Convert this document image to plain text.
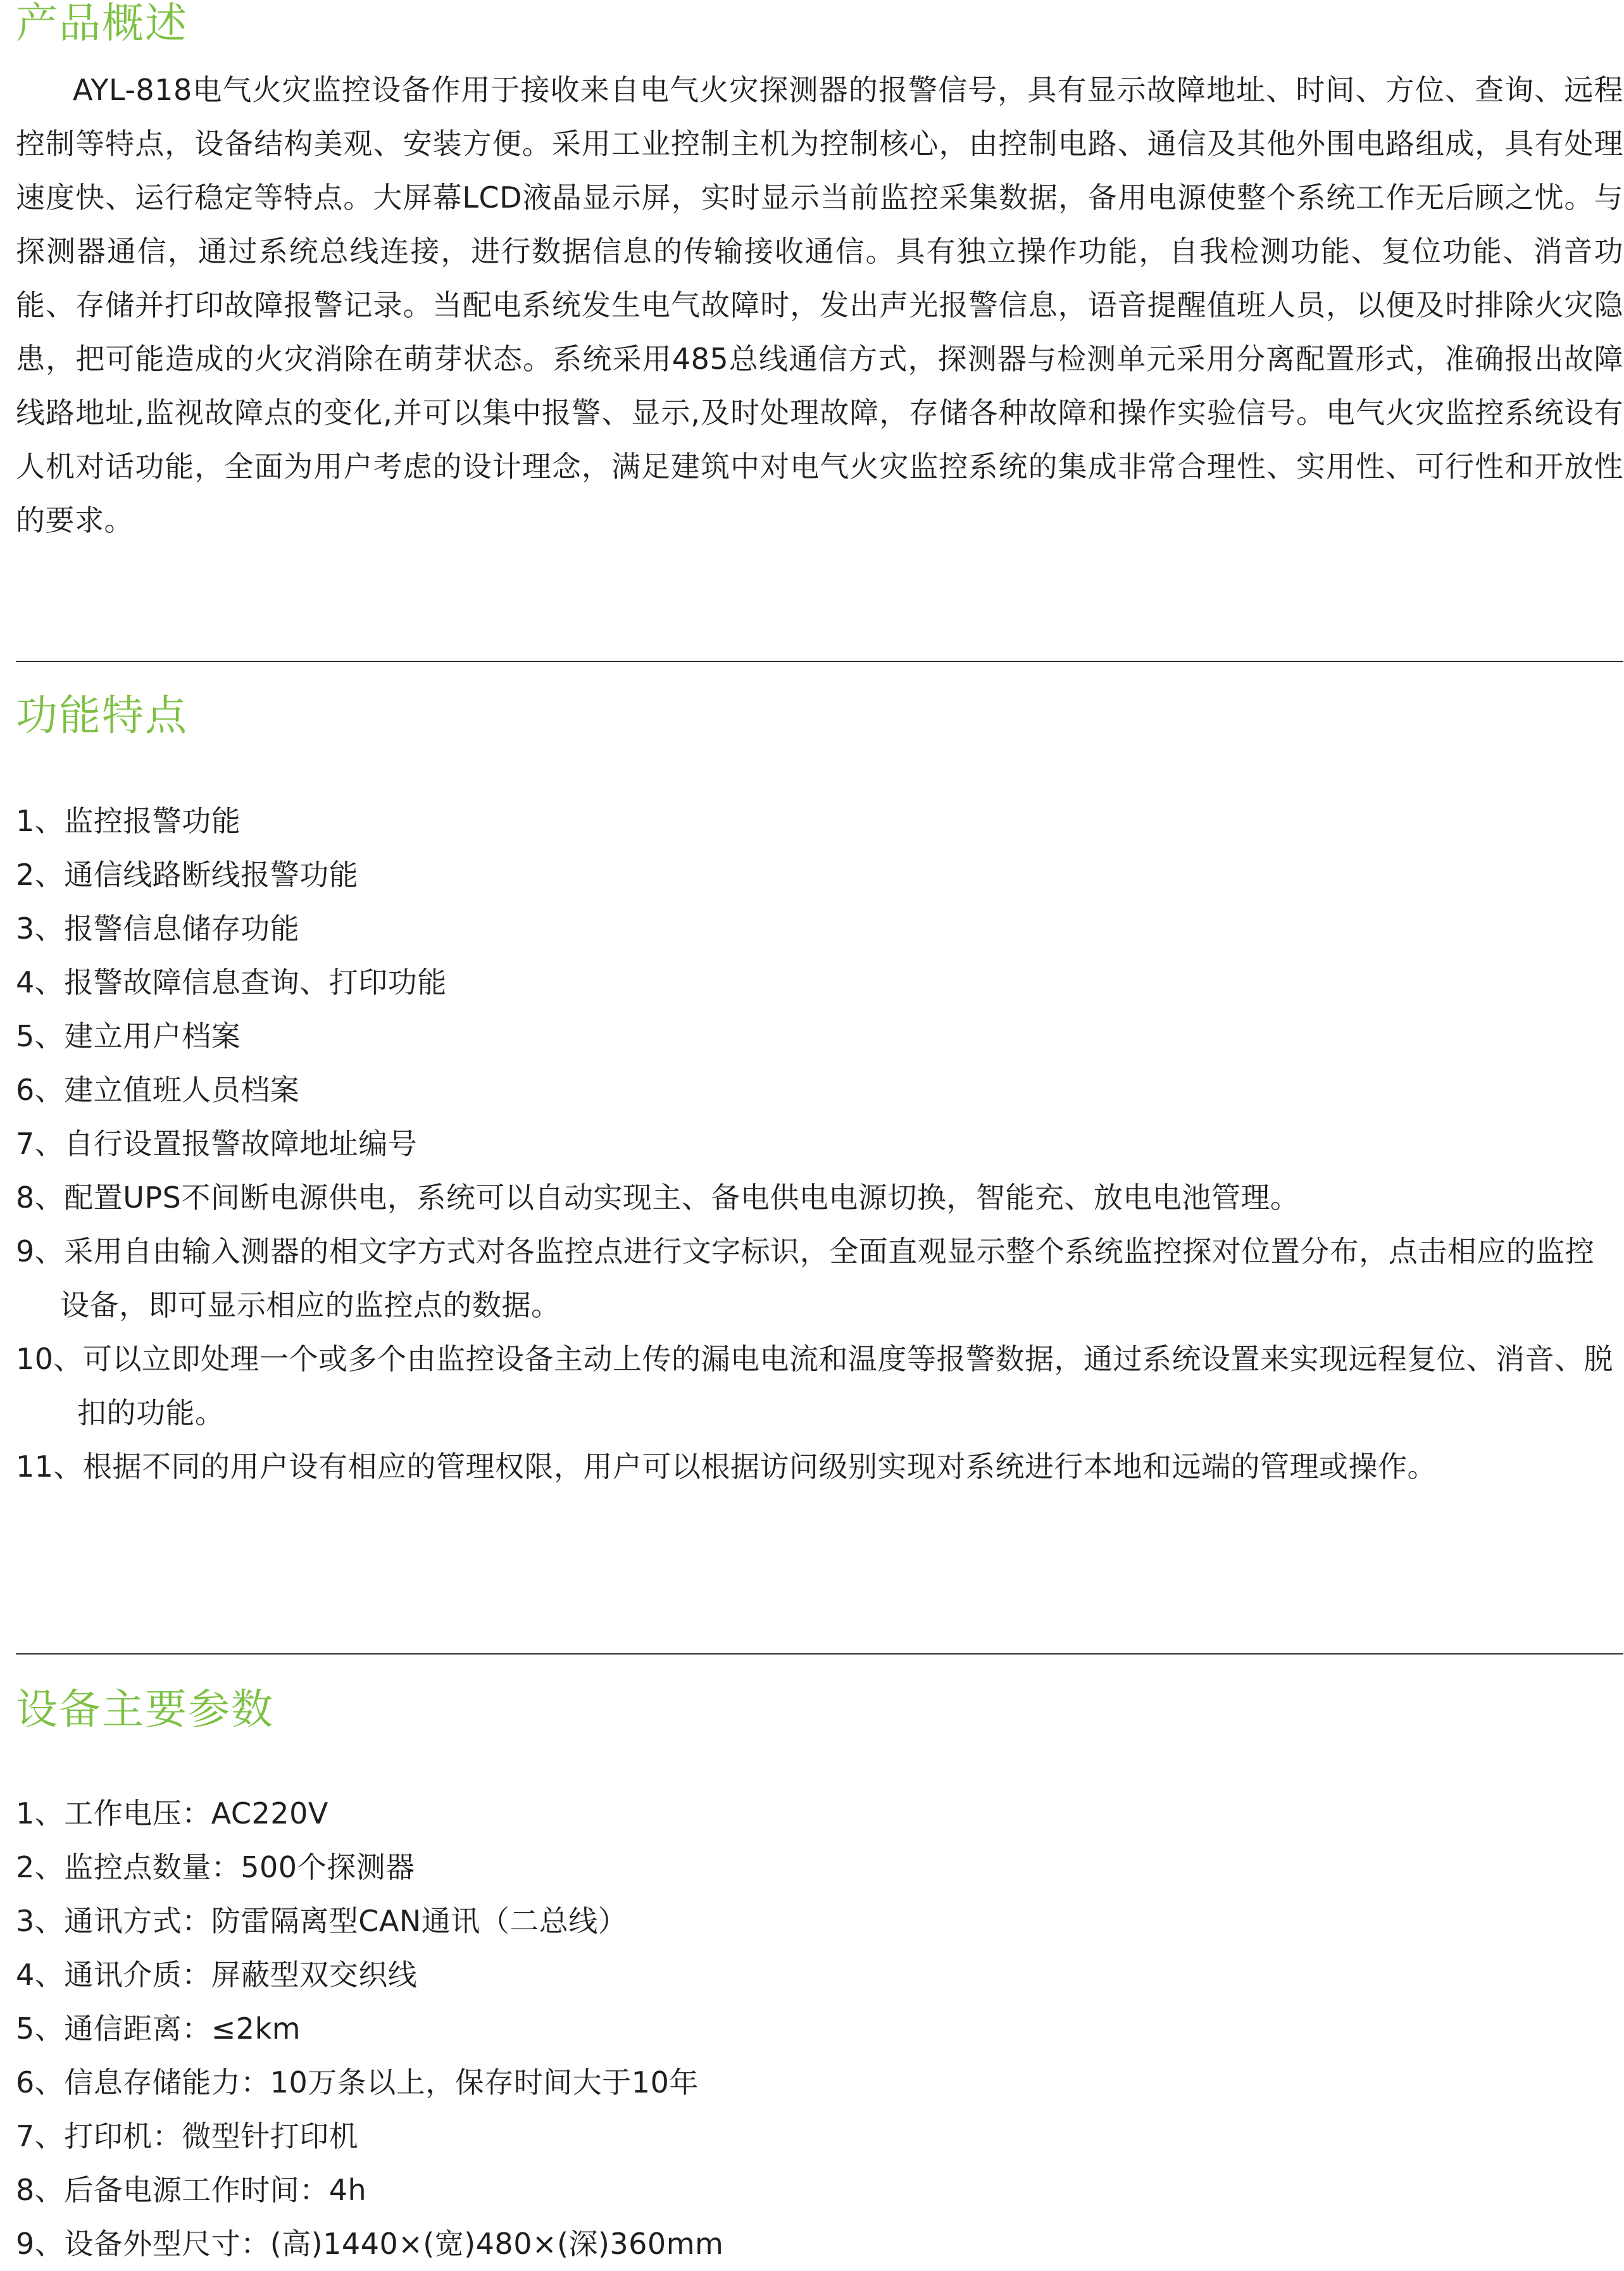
产品概述

AYL-818电气火灾监控设备作用于接收来自电气火灾探测器的报警信号，具有显示故障地址、时间、方位、查询、远程控制等特点，设备结构美观、安装方便。采用工业控制主机为控制核心，由控制电路、通信及其他外围电路组成，具有处理速度快、运行稳定等特点。大屏幕LCD液晶显示屏，实时显示当前监控采集数据，备用电源使整个系统工作无后顾之忧。与探测器通信，通过系统总线连接，进行数据信息的传输接收通信。具有独立操作功能，自我检测功能、复位功能、消音功能、存储并打印故障报警记录。当配电系统发生电气故障时，发出声光报警信息，语音提醒值班人员，以便及时排除火灾隐患，把可能造成的火灾消除在萌芽状态。系统采用485总线通信方式，探测器与检测单元采用分离配置形式，准确报出故障线路地址,监视故障点的变化,并可以集中报警、显示,及时处理故障，存储各种故障和操作实验信号。电气火灾监控系统设有人机对话功能，全面为用户考虑的设计理念，满足建筑中对电气火灾监控系统的集成非常合理性、实用性、可行性和开放性的要求。

功能特点
1、监控报警功能
2、通信线路断线报警功能
3、报警信息储存功能
4、报警故障信息查询、打印功能
5、建立用户档案
6、建立值班人员档案
7、自行设置报警故障地址编号
8、配置UPS不间断电源供电，系统可以自动实现主、备电供电电源切换，智能充、放电电池管理。
9、采用自由输入测器的相文字方式对各监控点进行文字标识，全面直观显示整个系统监控探对位置分布，点击相应的监控设备，即可显示相应的监控点的数据。
10、可以立即处理一个或多个由监控设备主动上传的漏电电流和温度等报警数据，通过系统设置来实现远程复位、消音、脱扣的功能。
11、根据不同的用户设有相应的管理权限，用户可以根据访问级别实现对系统进行本地和远端的管理或操作。
设备主要参数
1、工作电压：AC220V
2、监控点数量：500个探测器
3、通讯方式：防雷隔离型CAN通讯（二总线）
4、通讯介质：屏蔽型双交织线
5、通信距离：≤2km
6、信息存储能力：10万条以上，保存时间大于10年
7、打印机：微型针打印机
8、后备电源工作时间：4h
9、设备外型尺寸：(高)1440×(宽)480×(深)360mm
